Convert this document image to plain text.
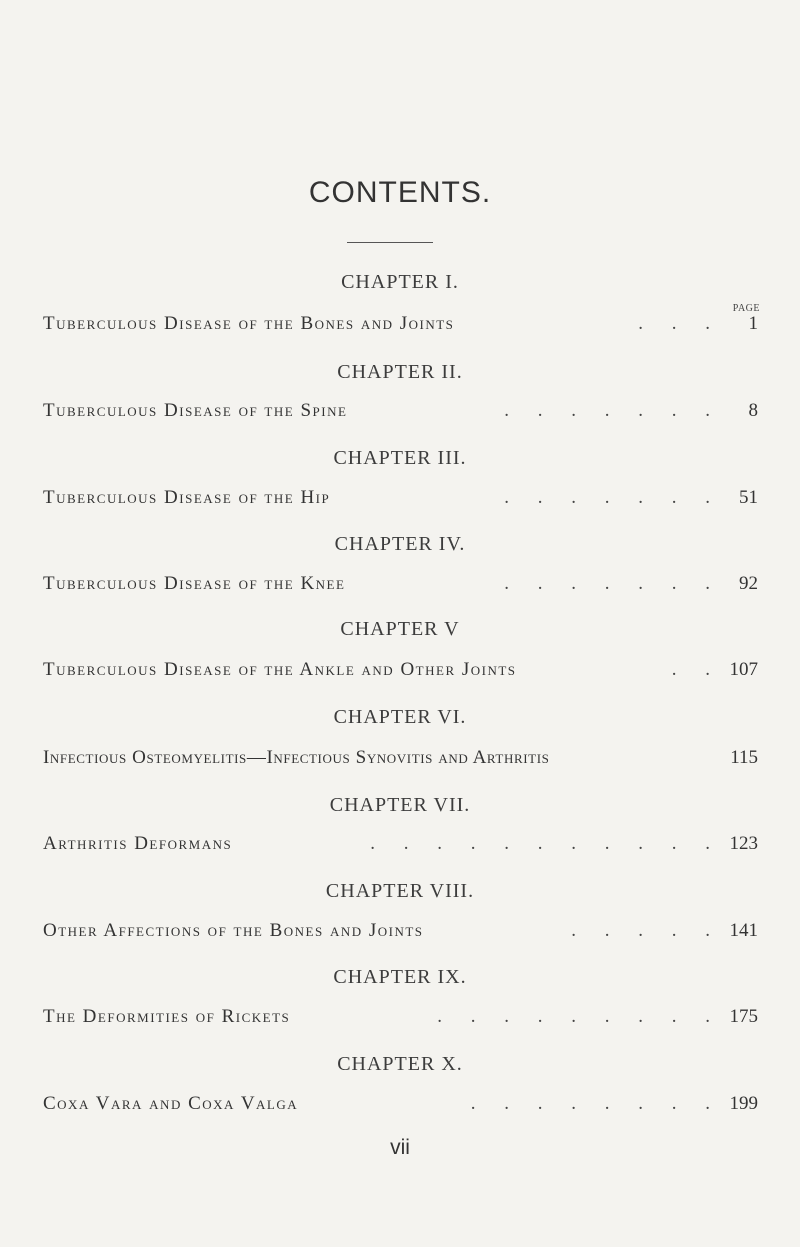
CONTENTS.
CHAPTER I.
PAGE
Tuberculous Disease of the Bones and Joints	. . .	1
CHAPTER II.
Tuberculous Disease of the Spine	. . . . . . .	8
CHAPTER III.
Tuberculous Disease of the Hip	. . . . . . . 51
CHAPTER IV.
Tuberculous Disease of the Knee	. . . . . . . 92
CHAPTER V
Tuberculous Disease of the Ankle and Other Joints	. . 107
CHAPTER VI.
Infectious Osteomyelitis—Infectious Synovitis and Arthritis	115
CHAPTER VII.
Arthritis Deformans	. . . . . . . . . . . 123
CHAPTER VIII.
Other Affections of the Bones and Joints	. . . . . 141
CHAPTER IX.
The Deformities of Rickets	. . . . . . . . . 175
CHAPTER X.
Coxa Vara and Coxa Valga	. . . . . . . . 199
vii
